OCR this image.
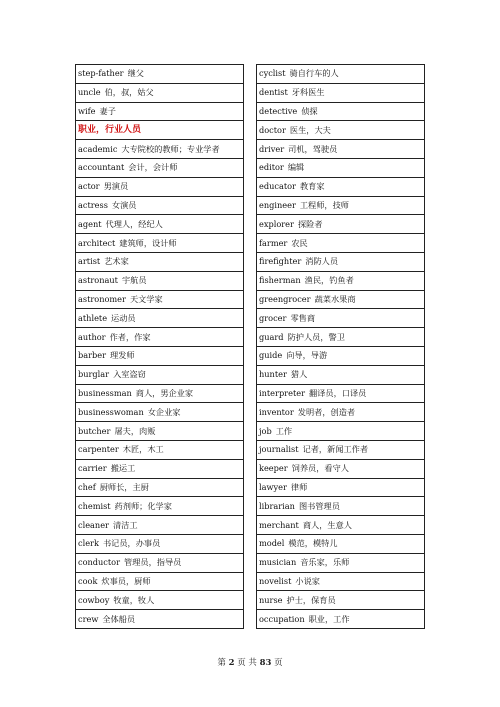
step-father 继父
uncle 伯，叔，姑父
wife 妻子
职业，行业人员
academic 大专院校的教师；专业学者
accountant 会计，会计师
actor 男演员
actress 女演员
agent 代理人，经纪人
architect 建筑师，设计师
artist 艺术家
astronaut 宇航员
astronomer 天文学家
athlete 运动员
author 作者，作家
barber 理发师
burglar 入室盗窃
businessman 商人，男企业家
businesswoman 女企业家
butcher 屠夫，肉贩
carpenter 木匠，木工
carrier 搬运工
chef 厨师长，主厨
chemist 药剂师；化学家
cleaner 清洁工
clerk 书记员，办事员
conductor 管理员，指导员
cook 炊事员，厨师
cowboy 牧童，牧人
crew 全体船员
cyclist 骑自行车的人
dentist 牙科医生
detective 侦探
doctor 医生，大夫
driver 司机，驾驶员
editor 编辑
educator 教育家
engineer 工程师，技师
explorer 探险者
farmer 农民
firefighter 消防人员
fisherman 渔民，钓鱼者
greengrocer 蔬菜水果商
grocer 零售商
guard 防护人员，警卫
guide 向导，导游
hunter 猎人
interpreter 翻译员，口译员
inventor 发明者，创造者
job 工作
journalist 记者，新闻工作者
keeper 饲养员，看守人
lawyer 律师
librarian 图书管理员
merchant 商人，生意人
model 模范，模特儿
musician 音乐家，乐师
novelist 小说家
nurse 护士，保育员
occupation 职业，工作
第 2 页 共 83 页
